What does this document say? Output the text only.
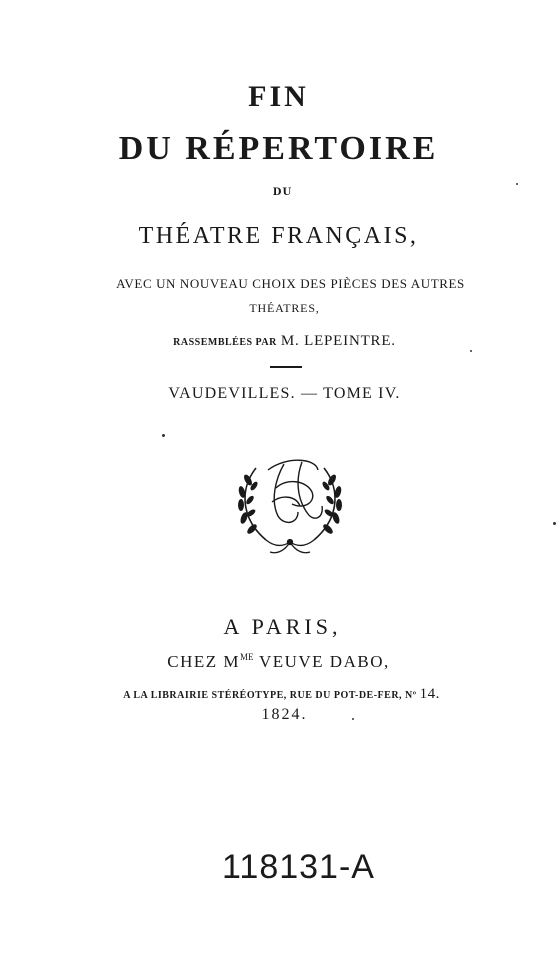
FIN
DU RÉPERTOIRE
DU
THÉATRE FRANÇAIS,
AVEC UN NOUVEAU CHOIX DES PIÈCES DES AUTRES
THÉATRES,
RASSEMBLÉES PAR M. LEPEINTRE.
VAUDEVILLES. — TOME IV.
A PARIS,
CHEZ $M^{ME}$ VEUVE DABO,
A LA LIBRAIRIE STÉRÉOTYPE, RUE DU POT-DE-FER, Nº 14.
1824.
118131-A
